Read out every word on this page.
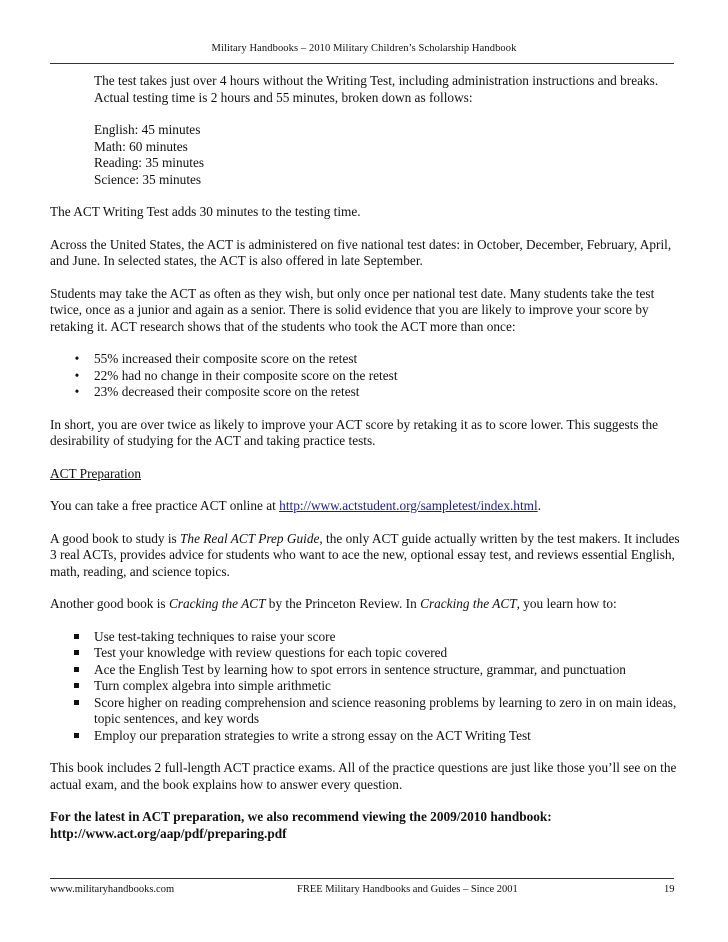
Military Handbooks – 2010 Military Children’s Scholarship Handbook

The test takes just over 4 hours without the Writing Test, including administration instructions and breaks. Actual testing time is 2 hours and 55 minutes, broken down as follows:

English: 45 minutes
Math: 60 minutes
Reading: 35 minutes
Science: 35 minutes

The ACT Writing Test adds 30 minutes to the testing time.

Across the United States, the ACT is administered on five national test dates: in October, December, February, April, and June. In selected states, the ACT is also offered in late September.

Students may take the ACT as often as they wish, but only once per national test date. Many students take the test twice, once as a junior and again as a senior. There is solid evidence that you are likely to improve your score by retaking it. ACT research shows that of the students who took the ACT more than once:

•	55% increased their composite score on the retest
•	22% had no change in their composite score on the retest
•	23% decreased their composite score on the retest

In short, you are over twice as likely to improve your ACT score by retaking it as to score lower. This suggests the desirability of studying for the ACT and taking practice tests.

ACT Preparation

You can take a free practice ACT online at http://www.actstudent.org/sampletest/index.html.

A good book to study is The Real ACT Prep Guide, the only ACT guide actually written by the test makers. It includes 3 real ACTs, provides advice for students who want to ace the new, optional essay test, and reviews essential English, math, reading, and science topics.

Another good book is Cracking the ACT by the Princeton Review. In Cracking the ACT, you learn how to:

Use test-taking techniques to raise your score
Test your knowledge with review questions for each topic covered
Ace the English Test by learning how to spot errors in sentence structure, grammar, and punctuation
Turn complex algebra into simple arithmetic
Score higher on reading comprehension and science reasoning problems by learning to zero in on main ideas, topic sentences, and key words
Employ our preparation strategies to write a strong essay on the ACT Writing Test

This book includes 2 full-length ACT practice exams. All of the practice questions are just like those you’ll see on the actual exam, and the book explains how to answer every question.

For the latest in ACT preparation, we also recommend viewing the 2009/2010 handbook:
http://www.act.org/aap/pdf/preparing.pdf

www.militaryhandbooks.com	FREE Military Handbooks and Guides – Since 2001	19
